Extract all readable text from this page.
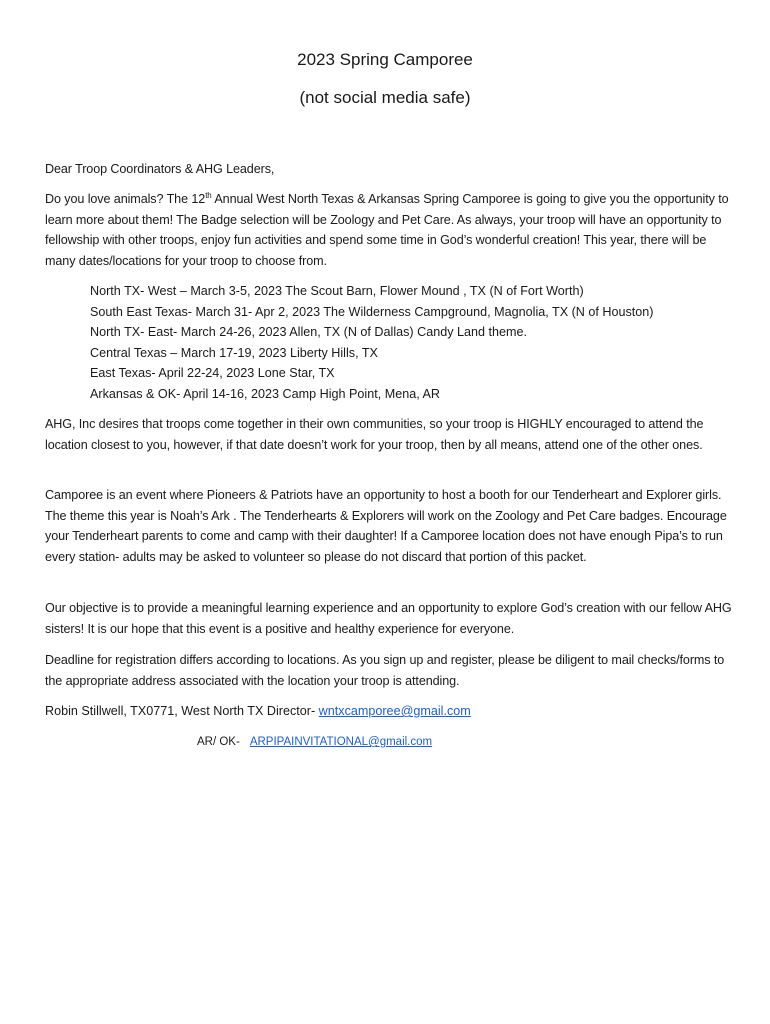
2023 Spring Camporee
(not social media safe)
Dear Troop Coordinators & AHG Leaders,
Do you love animals? The 12th Annual West North Texas & Arkansas Spring Camporee is going to give you the opportunity to learn more about them! The Badge selection will be Zoology and Pet Care. As always, your troop will have an opportunity to fellowship with other troops, enjoy fun activities and spend some time in God’s wonderful creation! This year, there will be many dates/locations for your troop to choose from.
North TX- West – March 3-5, 2023 The Scout Barn, Flower Mound , TX (N of Fort Worth)
South East Texas- March 31- Apr 2, 2023 The Wilderness Campground, Magnolia, TX (N of Houston)
North TX- East- March 24-26, 2023 Allen, TX (N of Dallas) Candy Land theme.
Central Texas – March 17-19, 2023 Liberty Hills, TX
East Texas- April 22-24, 2023 Lone Star, TX
Arkansas & OK- April 14-16, 2023 Camp High Point, Mena, AR
AHG, Inc desires that troops come together in their own communities, so your troop is HIGHLY encouraged to attend the location closest to you, however, if that date doesn’t work for your troop, then by all means, attend one of the other ones.
Camporee is an event where Pioneers & Patriots have an opportunity to host a booth for our Tenderheart and Explorer girls. The theme this year is Noah’s Ark . The Tenderhearts & Explorers will work on the Zoology and Pet Care badges. Encourage your Tenderheart parents to come and camp with their daughter! If a Camporee location does not have enough Pipa’s to run every station- adults may be asked to volunteer so please do not discard that portion of this packet.
Our objective is to provide a meaningful learning experience and an opportunity to explore God’s creation with our fellow AHG sisters! It is our hope that this event is a positive and healthy experience for everyone.
Deadline for registration differs according to locations. As you sign up and register, please be diligent to mail checks/forms to the appropriate address associated with the location your troop is attending.
Robin Stillwell, TX0771, West North TX Director- wntxcamporee@gmail.com
AR/ OK- ARPIPAINVITATIONAL@gmail.com
